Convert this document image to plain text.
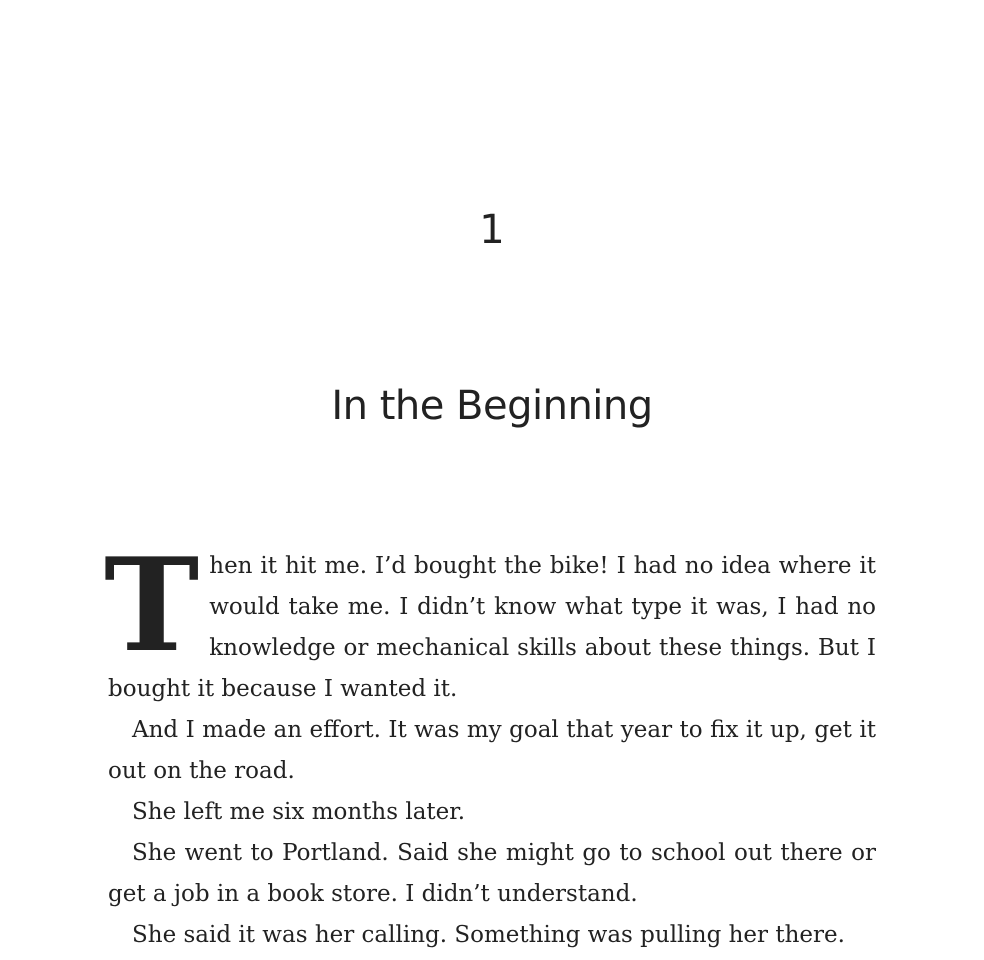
1
In the Beginning

Then it hit me. I’d bought the bike! I had no idea where it would take me. I didn’t know what type it was, I had no knowledge or mechanical skills about these things. But I bought it because I wanted it.

And I made an effort. It was my goal that year to fix it up, get it out on the road.

She left me six months later.

She went to Portland. Said she might go to school out there or get a job in a book store. I didn’t understand.

She said it was her calling. Something was pulling her there.
